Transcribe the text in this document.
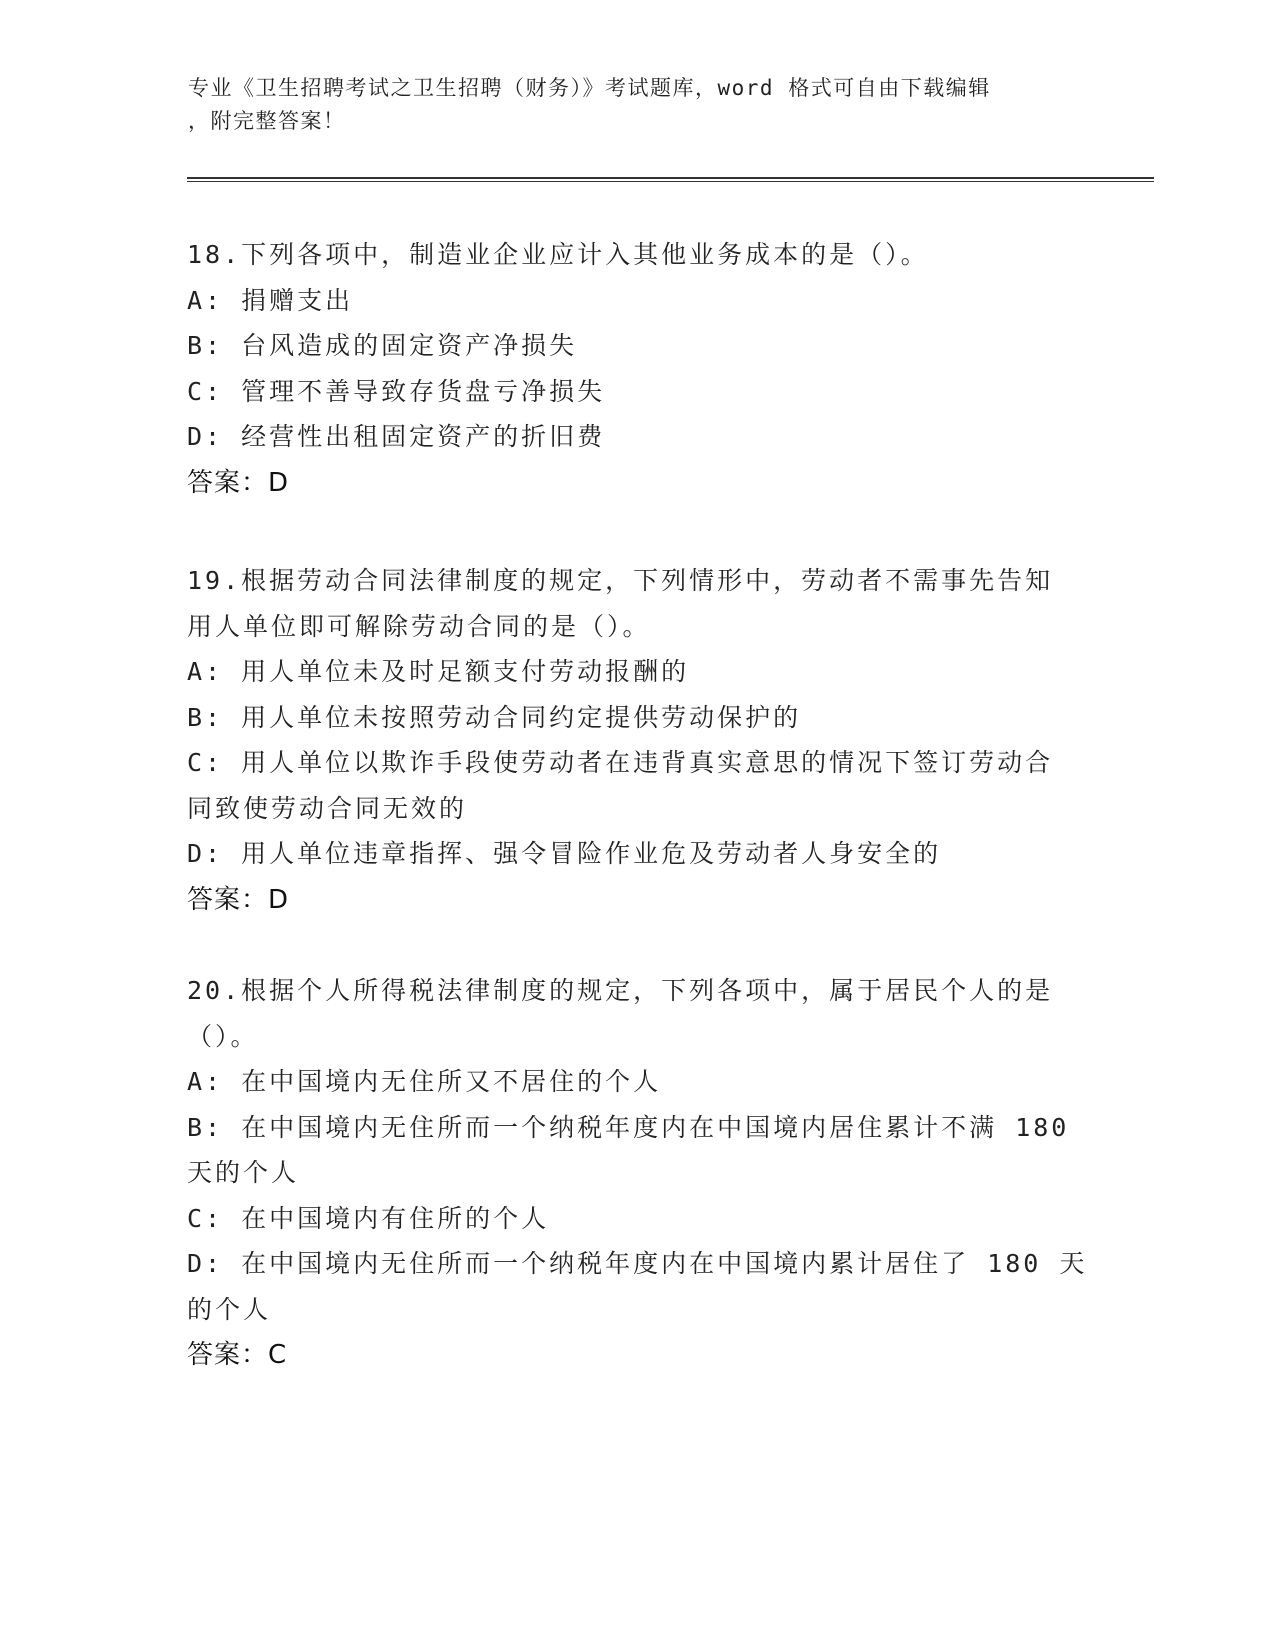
专业《卫生招聘考试之卫生招聘（财务）》考试题库，word 格式可自由下载编辑
，附完整答案！
18.下列各项中，制造业企业应计入其他业务成本的是（）。
A: 捐赠支出
B: 台风造成的固定资产净损失
C: 管理不善导致存货盘亏净损失
D: 经营性出租固定资产的折旧费
答案：D
19.根据劳动合同法律制度的规定，下列情形中，劳动者不需事先告知
用人单位即可解除劳动合同的是（）。
A: 用人单位未及时足额支付劳动报酬的
B: 用人单位未按照劳动合同约定提供劳动保护的
C: 用人单位以欺诈手段使劳动者在违背真实意思的情况下签订劳动合
同致使劳动合同无效的
D: 用人单位违章指挥、强令冒险作业危及劳动者人身安全的
答案：D
20.根据个人所得税法律制度的规定，下列各项中，属于居民个人的是
（）。
A: 在中国境内无住所又不居住的个人
B: 在中国境内无住所而一个纳税年度内在中国境内居住累计不满 180
天的个人
C: 在中国境内有住所的个人
D: 在中国境内无住所而一个纳税年度内在中国境内累计居住了 180 天
的个人
答案：C
